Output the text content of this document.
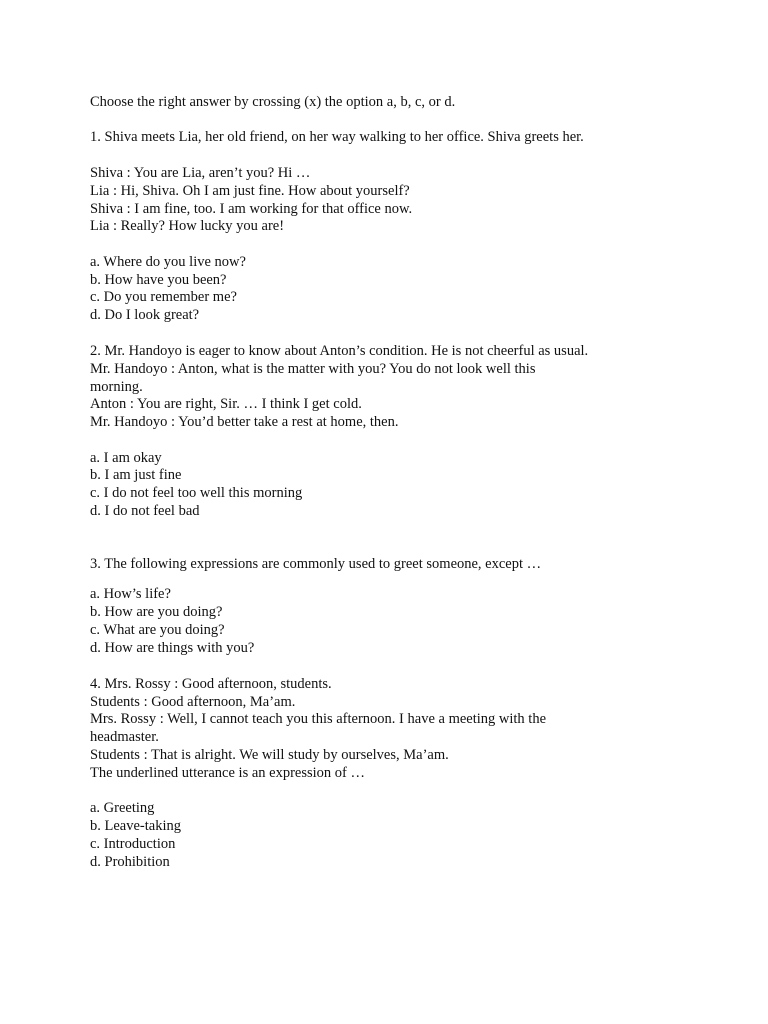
Choose the right answer by crossing (x) the option a, b, c, or d.
1. Shiva meets Lia, her old friend, on her way walking to her office. Shiva greets her.
Shiva : You are Lia, aren’t you? Hi …
Lia : Hi, Shiva. Oh I am just fine. How about yourself?
Shiva : I am fine, too. I am working for that office now.
Lia : Really? How lucky you are!
a. Where do you live now?
b. How have you been?
c. Do you remember me?
d. Do I look great?
2. Mr. Handoyo is eager to know about Anton’s condition. He is not cheerful as usual.
Mr. Handoyo : Anton, what is the matter with you? You do not look well this morning.
Anton : You are right, Sir. … I think I get cold.
Mr. Handoyo : You’d better take a rest at home, then.
a. I am okay
b. I am just fine
c. I do not feel too well this morning
d. I do not feel bad
3. The following expressions are commonly used to greet someone, except …
a. How’s life?
b. How are you doing?
c. What are you doing?
d. How are things with you?
4. Mrs. Rossy : Good afternoon, students.
Students : Good afternoon, Ma’am.
Mrs. Rossy : Well, I cannot teach you this afternoon. I have a meeting with the headmaster.
Students : That is alright. We will study by ourselves, Ma’am.
The underlined utterance is an expression of …
a. Greeting
b. Leave-taking
c. Introduction
d. Prohibition
